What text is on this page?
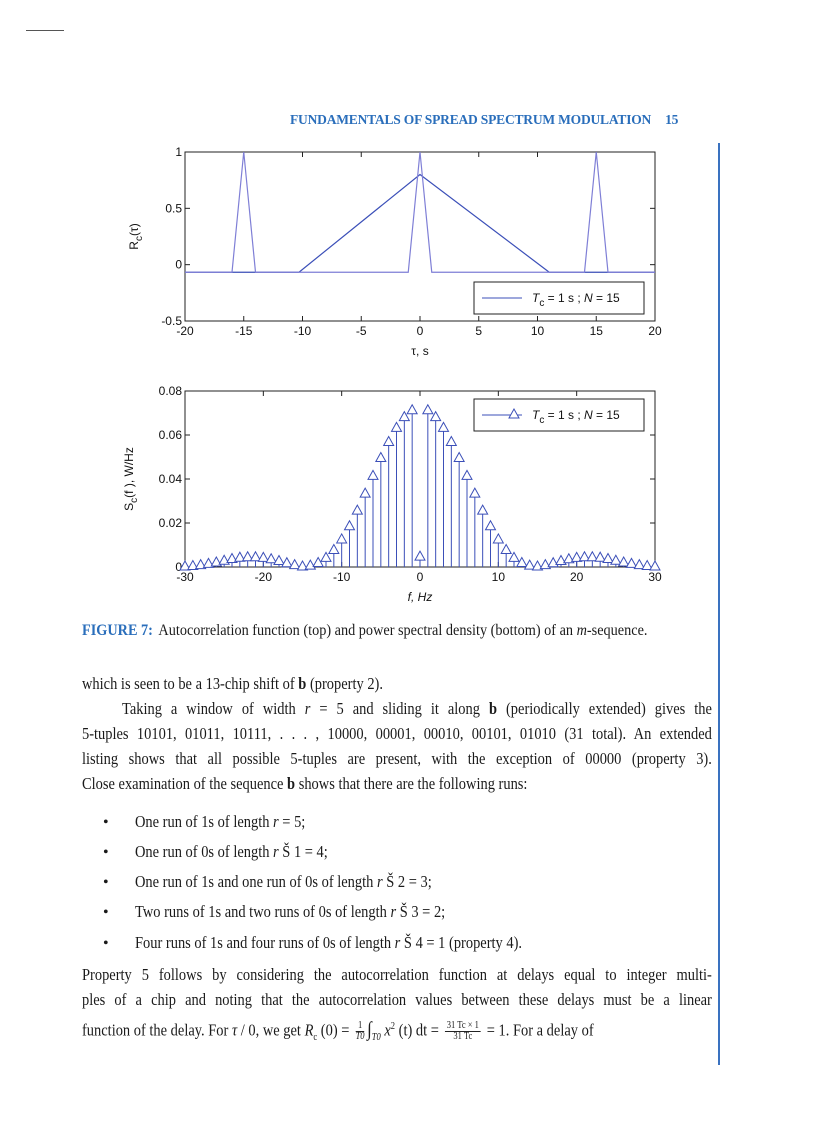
FUNDAMENTALS OF SPREAD SPECTRUM MODULATION 15
-20	-15	-10	-5	0	5	10	15	20
-0.5
0.5
0
1
τ, s
$R_c(\tau)$
$T_c = 1$ s ; N = 15
-30	-20	-10	0	10	20	30
0
0.02
0.04
0.06
0.08
f, Hz
$S_c(f$ ), W/Hz
$T_c = 1$ s ; N = 15
FIGURE 7: Autocorrelation function (top) and power spectral density (bottom) of an m-sequence.
which is seen to be a 13-chip shift of b (property 2).
Taking a window of width r = 5 and sliding it along b (periodically extended) gives the
5-tuples 10101, 01011, 10111, . . . , 10000, 00001, 00010, 00101, 01010 (31 total). An extended
listing shows that all possible 5-tuples are present, with the exception of 00000 (property 3).
Close examination of the sequence b shows that there are the following runs:
• One run of 1s of length r = 5;
• One run of 0s of length r Š 1 = 4;
• One run of 1s and one run of 0s of length r Š 2 = 3;
• Two runs of 1s and two runs of 0s of length r Š 3 = 2;
• Four runs of 1s and four runs of 0s of length r Š 4 = 1 (property 4).
Property 5 follows by considering the autocorrelation function at delays equal to integer multi-
ples of a chip and noting that the autocorrelation values between these delays must be a linear
function of the delay. For τ / 0, we get $R_c$ $(0) = \frac{1}{T0} \int_{T0}$ $x^2$ (t) dt = $\frac{31 Tc \times 1}{31 Tc} = 1$. For a delay of
